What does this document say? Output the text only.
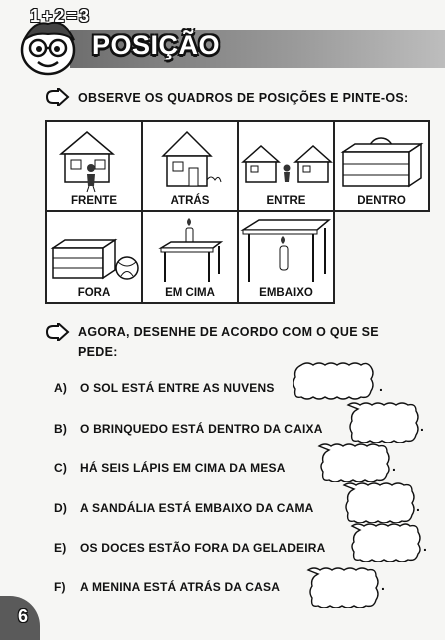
1+2=3
POSIÇÃO
OBSERVE OS QUADROS DE POSIÇÕES E PINTE-OS:
FRENTE	ATRÁS	ENTRE	DENTRO
FORA	EM CIMA	EMBAIXO
AGORA, DESENHE DE ACORDO COM O QUE SE
PEDE:
A) O SOL ESTÁ ENTRE AS NUVENS	.
B) O BRINQUEDO ESTÁ DENTRO DA CAIXA	.
C) HÁ SEIS LÁPIS EM CIMA DA MESA	.
D) A SANDÁLIA ESTÁ EMBAIXO DA CAMA	.
E) OS DOCES ESTÃO FORA DA GELADEIRA	.
F) A MENINA ESTÁ ATRÁS DA CASA	.
6
